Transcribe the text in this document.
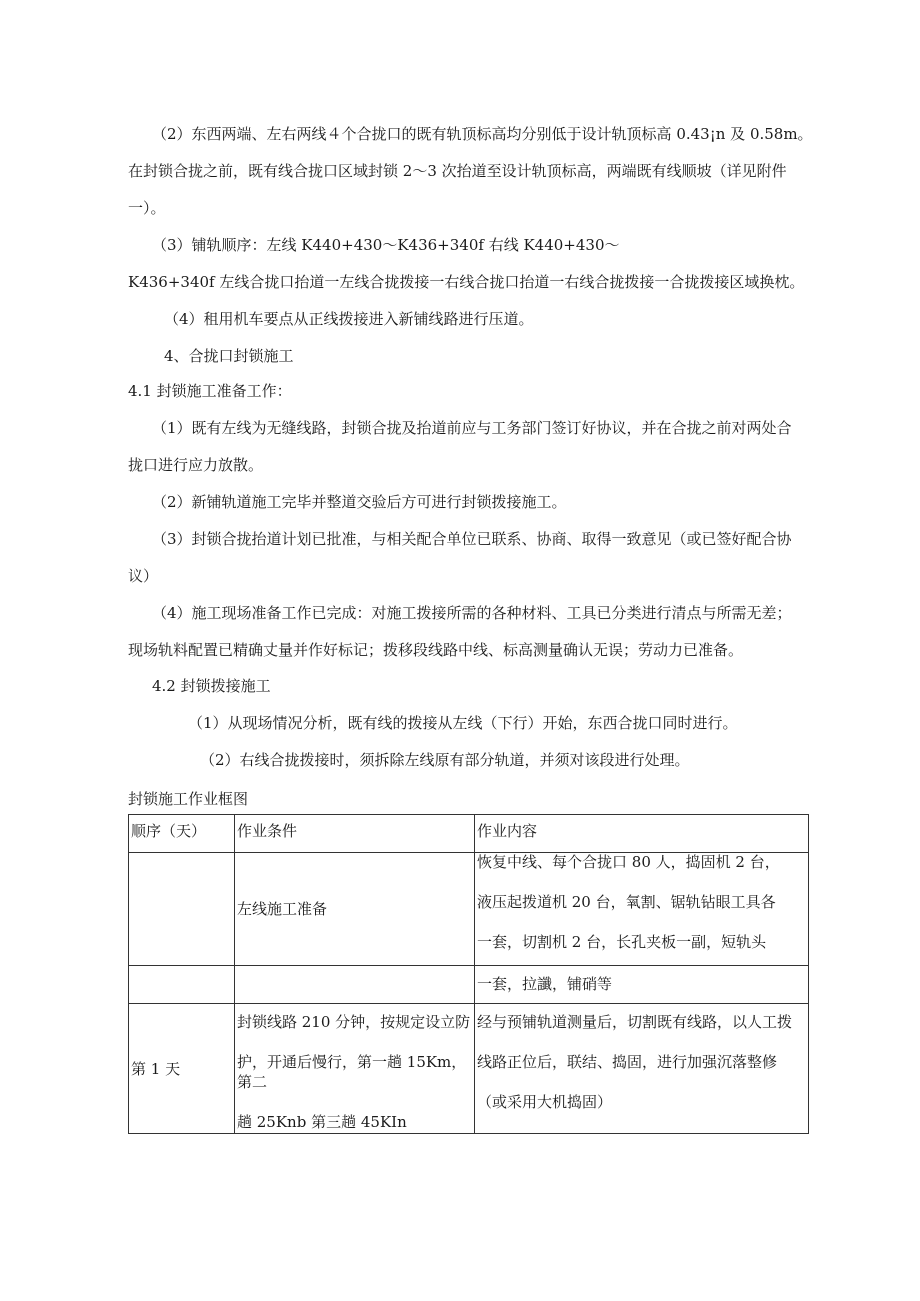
（2）东西两端、左右两线４个合拢口的既有轨顶标高均分别低于设计轨顶标高 0.43¡n 及 0.58m。
在封锁合拢之前，既有线合拢口区域封锁 2～3 次抬道至设计轨顶标高，两端既有线顺坡（详见附件
一）。
（3）铺轨顺序：左线 K440+430～K436+340f 右线 K440+430～
K436+340f 左线合拢口抬道一左线合拢拨接一右线合拢口抬道一右线合拢拨接一合拢拨接区域换枕。
（4）租用机车要点从正线拨接进入新铺线路进行压道。
4、合拢口封锁施工
4.1 封锁施工准备工作：
（1）既有左线为无缝线路，封锁合拢及抬道前应与工务部门签订好协议，并在合拢之前对两处合
拢口进行应力放散。
（2）新铺轨道施工完毕并整道交验后方可进行封锁拨接施工。
（3）封锁合拢抬道计划已批准，与相关配合单位已联系、协商、取得一致意见（或已签好配合协
议）
（4）施工现场准备工作已完成：对施工拨接所需的各种材料、工具已分类进行清点与所需无差；
现场轨料配置已精确丈量并作好标记；拨移段线路中线、标高测量确认无误；劳动力已准备。
4.2 封锁拨接施工
（1）从现场情况分析，既有线的拨接从左线（下行）开始，东西合拢口同时进行。
（2）右线合拢拨接时，须拆除左线原有部分轨道，并须对该段进行处理。
封锁施工作业框图
顺序（天）	作业条件	作业内容
	左线施工准备	恢复中线、每个合拢口 80 人，捣固机 2 台，
液压起拨道机 20 台，氧割、锯轨钻眼工具各
一套，切割机 2 台，长孔夹板一副，短轨头

		一套，拉讖，铺硝等
第 1 天	封锁线路 210 分钟，按规定设立防
护，开通后慢行，第一趟 15Km，第二
趟 25Knb 第三趟 45KIn	经与预铺轨道测量后，切割既有线路，以人工拨
线路正位后，联结、捣固，进行加强沉落整修
（或采用大机捣固）
